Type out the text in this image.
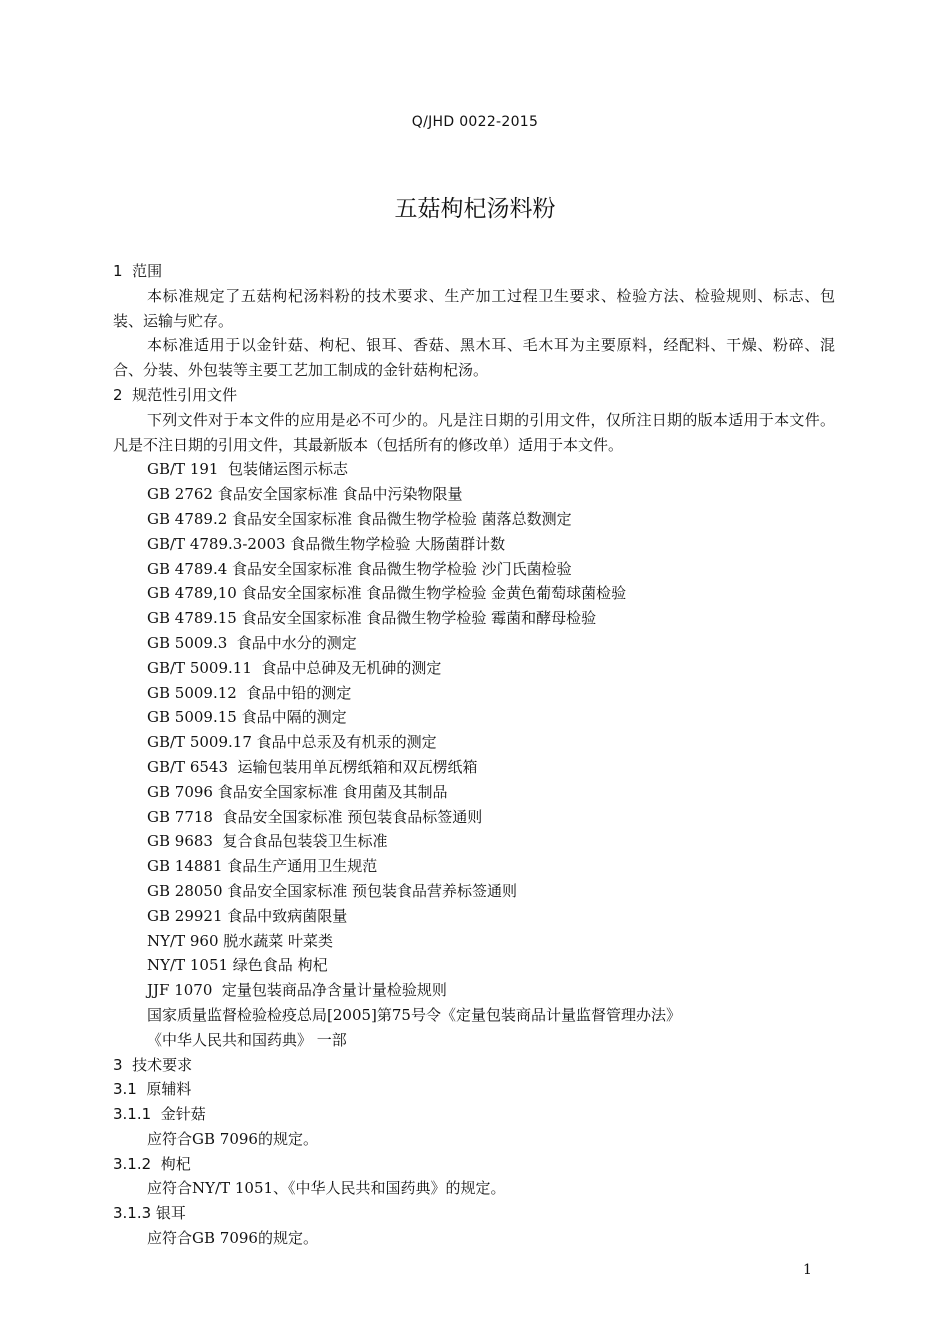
Q/JHD 0022-2015
五菇枸杞汤料粉
1  范围
本标准规定了五菇枸杞汤料粉的技术要求、生产加工过程卫生要求、检验方法、检验规则、标志、包装、运输与贮存。
本标准适用于以金针菇、枸杞、银耳、香菇、黑木耳、毛木耳为主要原料，经配料、干燥、粉碎、混合、分装、外包装等主要工艺加工制成的金针菇枸杞汤。
2  规范性引用文件
下列文件对于本文件的应用是必不可少的。凡是注日期的引用文件，仅所注日期的版本适用于本文件。凡是不注日期的引用文件，其最新版本（包括所有的修改单）适用于本文件。
GB/T 191  包装储运图示标志
GB 2762 食品安全国家标准 食品中污染物限量
GB 4789.2 食品安全国家标准 食品微生物学检验 菌落总数测定
GB/T 4789.3-2003 食品微生物学检验 大肠菌群计数
GB 4789.4 食品安全国家标准 食品微生物学检验 沙门氏菌检验
GB 4789,10 食品安全国家标准 食品微生物学检验 金黄色葡萄球菌检验
GB 4789.15 食品安全国家标准 食品微生物学检验 霉菌和酵母检验
GB 5009.3  食品中水分的测定
GB/T 5009.11  食品中总砷及无机砷的测定
GB 5009.12  食品中铅的测定
GB 5009.15 食品中隔的测定
GB/T 5009.17 食品中总汞及有机汞的测定
GB/T 6543  运输包装用单瓦楞纸箱和双瓦楞纸箱
GB 7096 食品安全国家标准 食用菌及其制品
GB 7718  食品安全国家标准 预包装食品标签通则
GB 9683  复合食品包装袋卫生标准
GB 14881 食品生产通用卫生规范
GB 28050 食品安全国家标准 预包装食品营养标签通则
GB 29921 食品中致病菌限量
NY/T 960 脱水蔬菜 叶菜类
NY/T 1051 绿色食品 枸杞
JJF 1070  定量包装商品净含量计量检验规则
国家质量监督检验检疫总局[2005]第75号令《定量包装商品计量监督管理办法》
《中华人民共和国药典》 一部
3  技术要求
3.1  原辅料
3.1.1  金针菇
应符合GB 7096的规定。
3.1.2  枸杞
应符合NY/T 1051、《中华人民共和国药典》的规定。
3.1.3 银耳
应符合GB 7096的规定。
1
